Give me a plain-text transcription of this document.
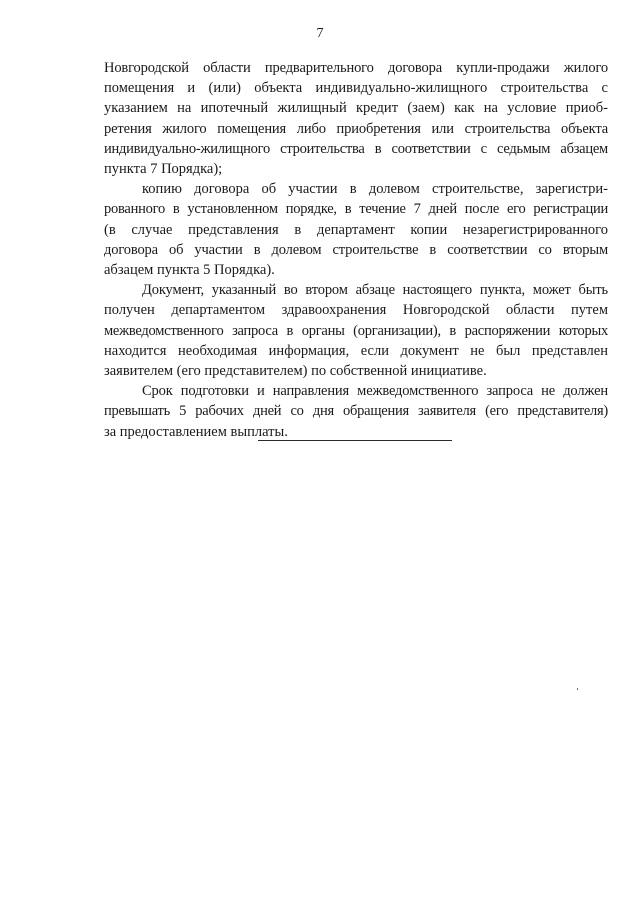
7

Новгородской области предварительного договора купли-продажи жилого
помещения и (или) объекта индивидуально-жилищного строительства с
указанием на ипотечный жилищный кредит (заем) как на условие приоб-
ретения жилого помещения либо приобретения или строительства объекта
индивидуально-жилищного строительства в соответствии с седьмым абзацем
пункта 7 Порядка);

копию договора об участии в долевом строительстве, зарегистри-
рованного в установленном порядке, в течение 7 дней после его регистрации
(в случае представления в департамент копии незарегистрированного
договора об участии в долевом строительстве в соответствии со вторым
абзацем пункта 5 Порядка).

Документ, указанный во втором абзаце настоящего пункта, может быть
получен департаментом здравоохранения Новгородской области путем
межведомственного запроса в органы (организации), в распоряжении которых
находится необходимая информация, если документ не был представлен
заявителем (его представителем) по собственной инициативе.

Срок подготовки и направления межведомственного запроса не должен
превышать 5 рабочих дней со дня обращения заявителя (его представителя)
за предоставлением выплаты.
